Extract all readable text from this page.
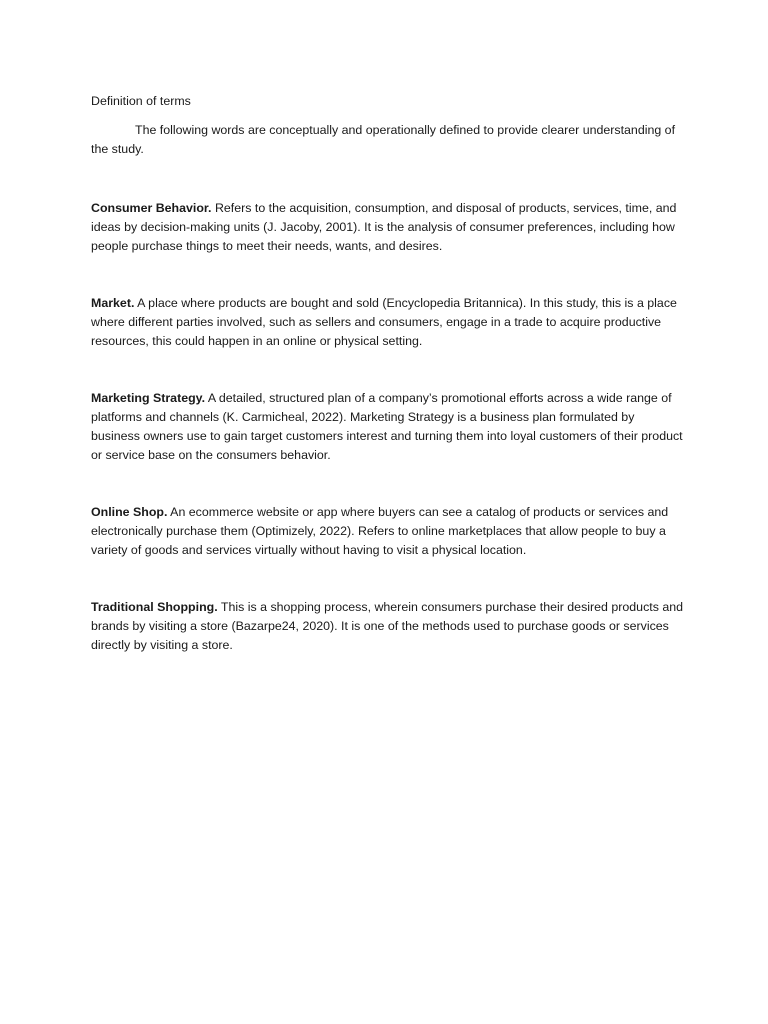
Definition of terms

The following words are conceptually and operationally defined to provide clearer understanding of the study.

Consumer Behavior. Refers to the acquisition, consumption, and disposal of products, services, time, and ideas by decision-making units (J. Jacoby, 2001). It is the analysis of consumer preferences, including how people purchase things to meet their needs, wants, and desires.

Market. A place where products are bought and sold (Encyclopedia Britannica). In this study, this is a place where different parties involved, such as sellers and consumers, engage in a trade to acquire productive resources, this could happen in an online or physical setting.

Marketing Strategy. A detailed, structured plan of a company’s promotional efforts across a wide range of platforms and channels (K. Carmicheal, 2022). Marketing Strategy is a business plan formulated by business owners use to gain target customers interest and turning them into loyal customers of their product or service base on the consumers behavior.

Online Shop. An ecommerce website or app where buyers can see a catalog of products or services and electronically purchase them (Optimizely, 2022). Refers to online marketplaces that allow people to buy a variety of goods and services virtually without having to visit a physical location.

Traditional Shopping. This is a shopping process, wherein consumers purchase their desired products and brands by visiting a store (Bazarpe24, 2020). It is one of the methods used to purchase goods or services directly by visiting a store.
